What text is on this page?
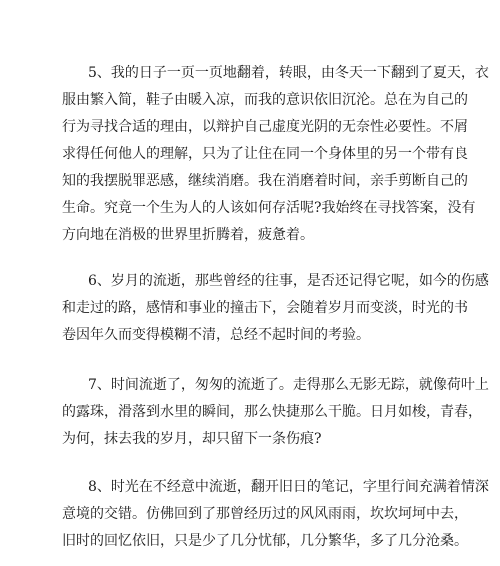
5、我的日子一页一页地翻着，转眼，由冬天一下翻到了夏天，衣
服由繁入简，鞋子由暖入凉，而我的意识依旧沉沦。总在为自己的
行为寻找合适的理由，以辩护自己虚度光阴的无奈性必要性。不屑
求得任何他人的理解，只为了让住在同一个身体里的另一个带有良
知的我摆脱罪恶感，继续消磨。我在消磨着时间，亲手剪断自己的
生命。究竟一个生为人的人该如何存活呢?我始终在寻找答案，没有
方向地在消极的世界里折腾着，疲惫着。
6、岁月的流逝，那些曾经的往事，是否还记得它呢，如今的伤感
和走过的路，感情和事业的撞击下，会随着岁月而变淡，时光的书
卷因年久而变得模糊不清，总经不起时间的考验。
7、时间流逝了，匆匆的流逝了。走得那么无影无踪，就像荷叶上
的露珠，滑落到水里的瞬间，那么快捷那么干脆。日月如梭，青春，
为何，抹去我的岁月，却只留下一条伤痕?
8、时光在不经意中流逝，翻开旧日的笔记，字里行间充满着情深
意境的交错。仿佛回到了那曾经历过的风风雨雨，坎坎坷坷中去，
旧时的回忆依旧，只是少了几分忧郁，几分繁华，多了几分沧桑。
